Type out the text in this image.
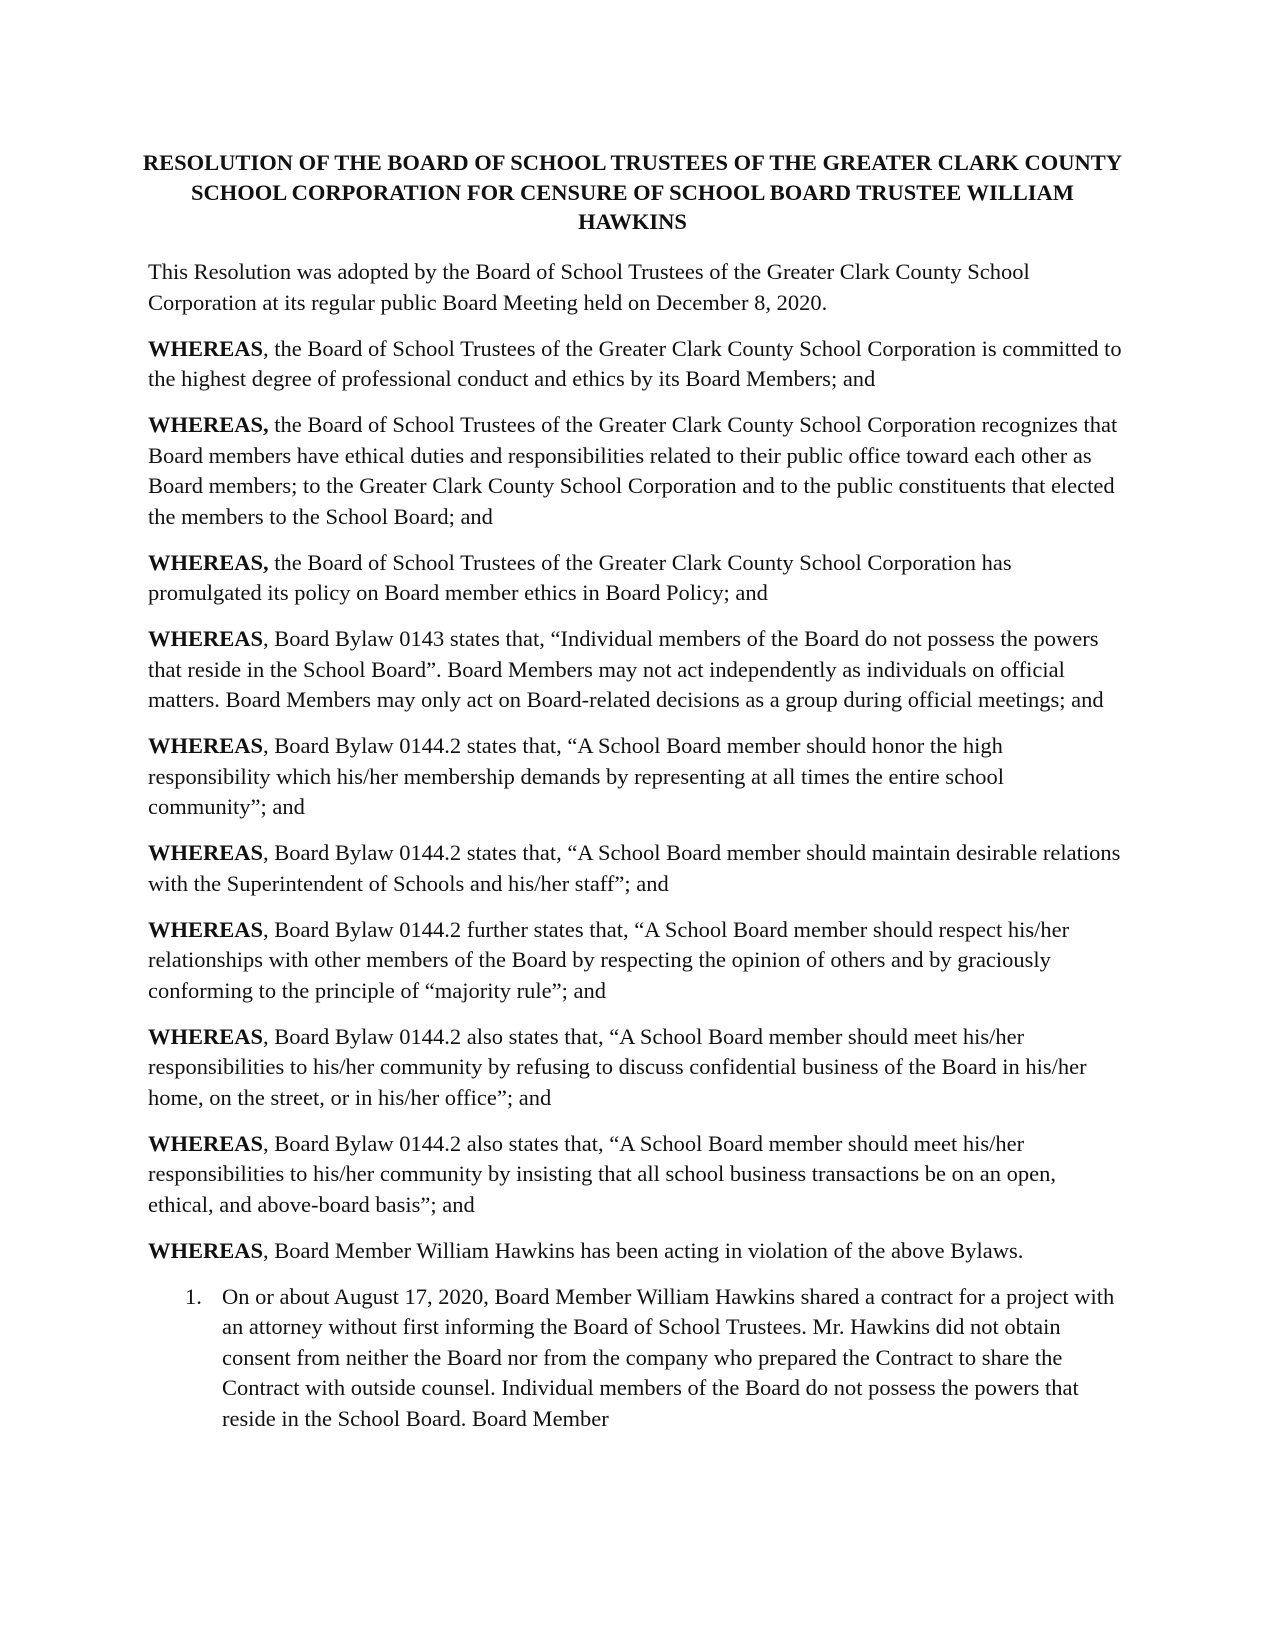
RESOLUTION OF THE BOARD OF SCHOOL TRUSTEES OF THE GREATER CLARK COUNTY SCHOOL CORPORATION FOR CENSURE OF SCHOOL BOARD TRUSTEE WILLIAM HAWKINS

This Resolution was adopted by the Board of School Trustees of the Greater Clark County School Corporation at its regular public Board Meeting held on December 8, 2020.

WHEREAS, the Board of School Trustees of the Greater Clark County School Corporation is committed to the highest degree of professional conduct and ethics by its Board Members; and

WHEREAS, the Board of School Trustees of the Greater Clark County School Corporation recognizes that Board members have ethical duties and responsibilities related to their public office toward each other as Board members; to the Greater Clark County School Corporation and to the public constituents that elected the members to the School Board; and

WHEREAS, the Board of School Trustees of the Greater Clark County School Corporation has promulgated its policy on Board member ethics in Board Policy; and

WHEREAS, Board Bylaw 0143 states that, “Individual members of the Board do not possess the powers that reside in the School Board”. Board Members may not act independently as individuals on official matters. Board Members may only act on Board-related decisions as a group during official meetings; and

WHEREAS, Board Bylaw 0144.2 states that, “A School Board member should honor the high responsibility which his/her membership demands by representing at all times the entire school community”; and

WHEREAS, Board Bylaw 0144.2 states that, “A School Board member should maintain desirable relations with the Superintendent of Schools and his/her staff”; and

WHEREAS, Board Bylaw 0144.2 further states that, “A School Board member should respect his/her relationships with other members of the Board by respecting the opinion of others and by graciously conforming to the principle of “majority rule”; and

WHEREAS, Board Bylaw 0144.2 also states that, “A School Board member should meet his/her responsibilities to his/her community by refusing to discuss confidential business of the Board in his/her home, on the street, or in his/her office”; and

WHEREAS, Board Bylaw 0144.2 also states that, “A School Board member should meet his/her responsibilities to his/her community by insisting that all school business transactions be on an open, ethical, and above-board basis”; and

WHEREAS, Board Member William Hawkins has been acting in violation of the above Bylaws.

1. On or about August 17, 2020, Board Member William Hawkins shared a contract for a project with an attorney without first informing the Board of School Trustees. Mr. Hawkins did not obtain consent from neither the Board nor from the company who prepared the Contract to share the Contract with outside counsel. Individual members of the Board do not possess the powers that reside in the School Board. Board Member
